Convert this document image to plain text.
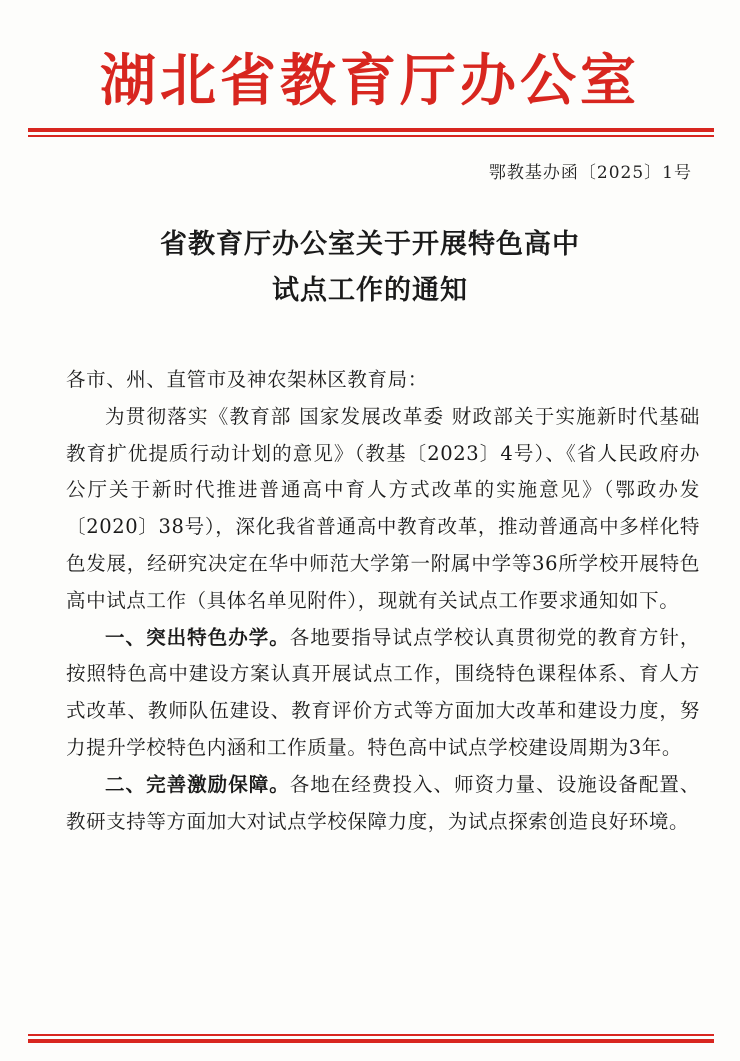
湖北省教育厅办公室
鄂教基办函〔2025〕1号
省教育厅办公室关于开展特色高中
试点工作的通知

各市、州、直管市及神农架林区教育局：

为贯彻落实《教育部 国家发展改革委 财政部关于实施新时代基础教育扩优提质行动计划的意见》（教基〔2023〕4号）、《省人民政府办公厅关于新时代推进普通高中育人方式改革的实施意见》（鄂政办发〔2020〕38号），深化我省普通高中教育改革，推动普通高中多样化特色发展，经研究决定在华中师范大学第一附属中学等36所学校开展特色高中试点工作（具体名单见附件），现就有关试点工作要求通知如下。

一、突出特色办学。各地要指导试点学校认真贯彻党的教育方针，按照特色高中建设方案认真开展试点工作，围绕特色课程体系、育人方式改革、教师队伍建设、教育评价方式等方面加大改革和建设力度，努力提升学校特色内涵和工作质量。特色高中试点学校建设周期为3年。

二、完善激励保障。各地在经费投入、师资力量、设施设备配置、教研支持等方面加大对试点学校保障力度，为试点探索创造良好环境。
